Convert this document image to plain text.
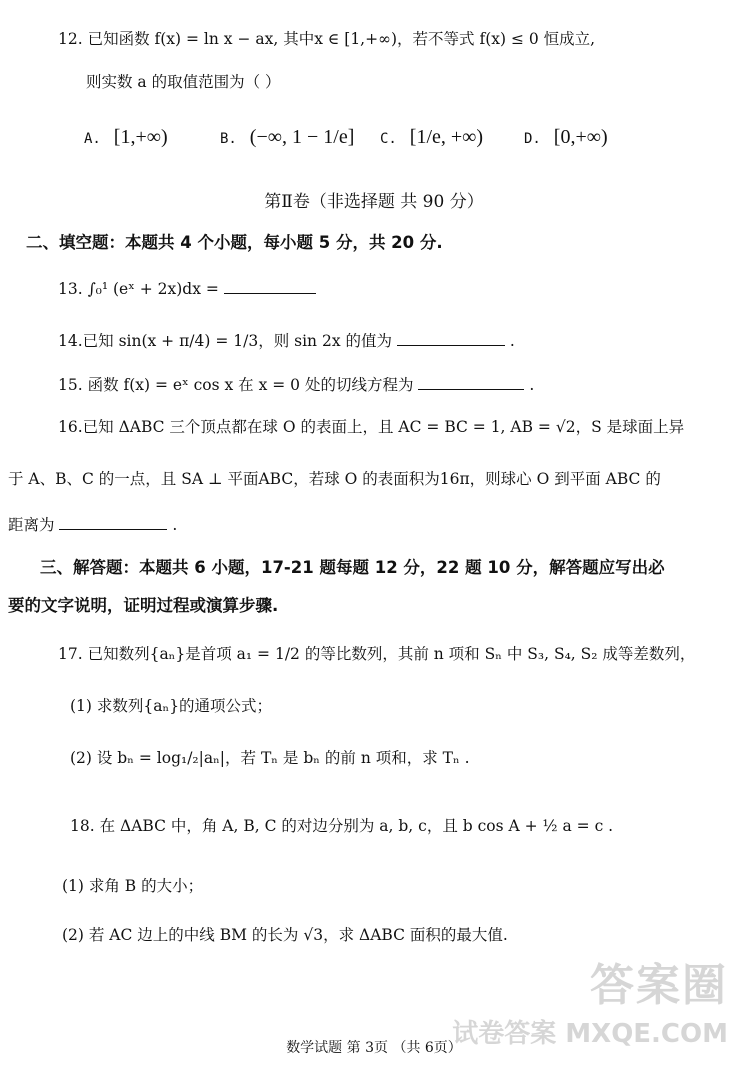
12. 已知函数 f(x) = ln x − ax, 其中x ∈ [1,+∞)，若不等式 f(x) ≤ 0 恒成立,
则实数 a 的取值范围为（ ）
A. [1,+∞)	B. (−∞, 1 − 1/e] C. [1/e, +∞)	D. [0,+∞)
第Ⅱ卷（非选择题 共 90 分）
二、填空题：本题共 4 个小题，每小题 5 分，共 20 分.
13. ∫₀¹ (eˣ + 2x)dx =
14.已知 sin(x + π/4) = 1/3，则 sin 2x 的值为	.
15. 函数 f(x) = eˣ cos x 在 x = 0 处的切线方程为	.
16.已知 ΔABC 三个顶点都在球 O 的表面上，且 AC = BC = 1, AB = √2，S 是球面上异
于 A、B、C 的一点，且 SA ⊥ 平面ABC，若球 O 的表面积为16π，则球心 O 到平面 ABC 的
距离为	.
三、解答题：本题共 6 小题，17-21 题每题 12 分，22 题 10 分，解答题应写出必
要的文字说明，证明过程或演算步骤.
17. 已知数列{aₙ}是首项 a₁ = 1/2 的等比数列，其前 n 项和 Sₙ 中 S₃, S₄, S₂ 成等差数列，
(1) 求数列{aₙ}的通项公式；
(2) 设 bₙ = log₁/₂|aₙ|，若 Tₙ 是 bₙ 的前 n 项和，求 Tₙ .
18. 在 ΔABC 中，角 A, B, C 的对边分别为 a, b, c，且 b cos A + ½ a = c .
(1) 求角 B 的大小；
(2) 若 AC 边上的中线 BM 的长为 √3，求 ΔABC 面积的最大值.
答案圈
试卷答案 MXQE.COM
数学试题 第 3页 （共 6页）
